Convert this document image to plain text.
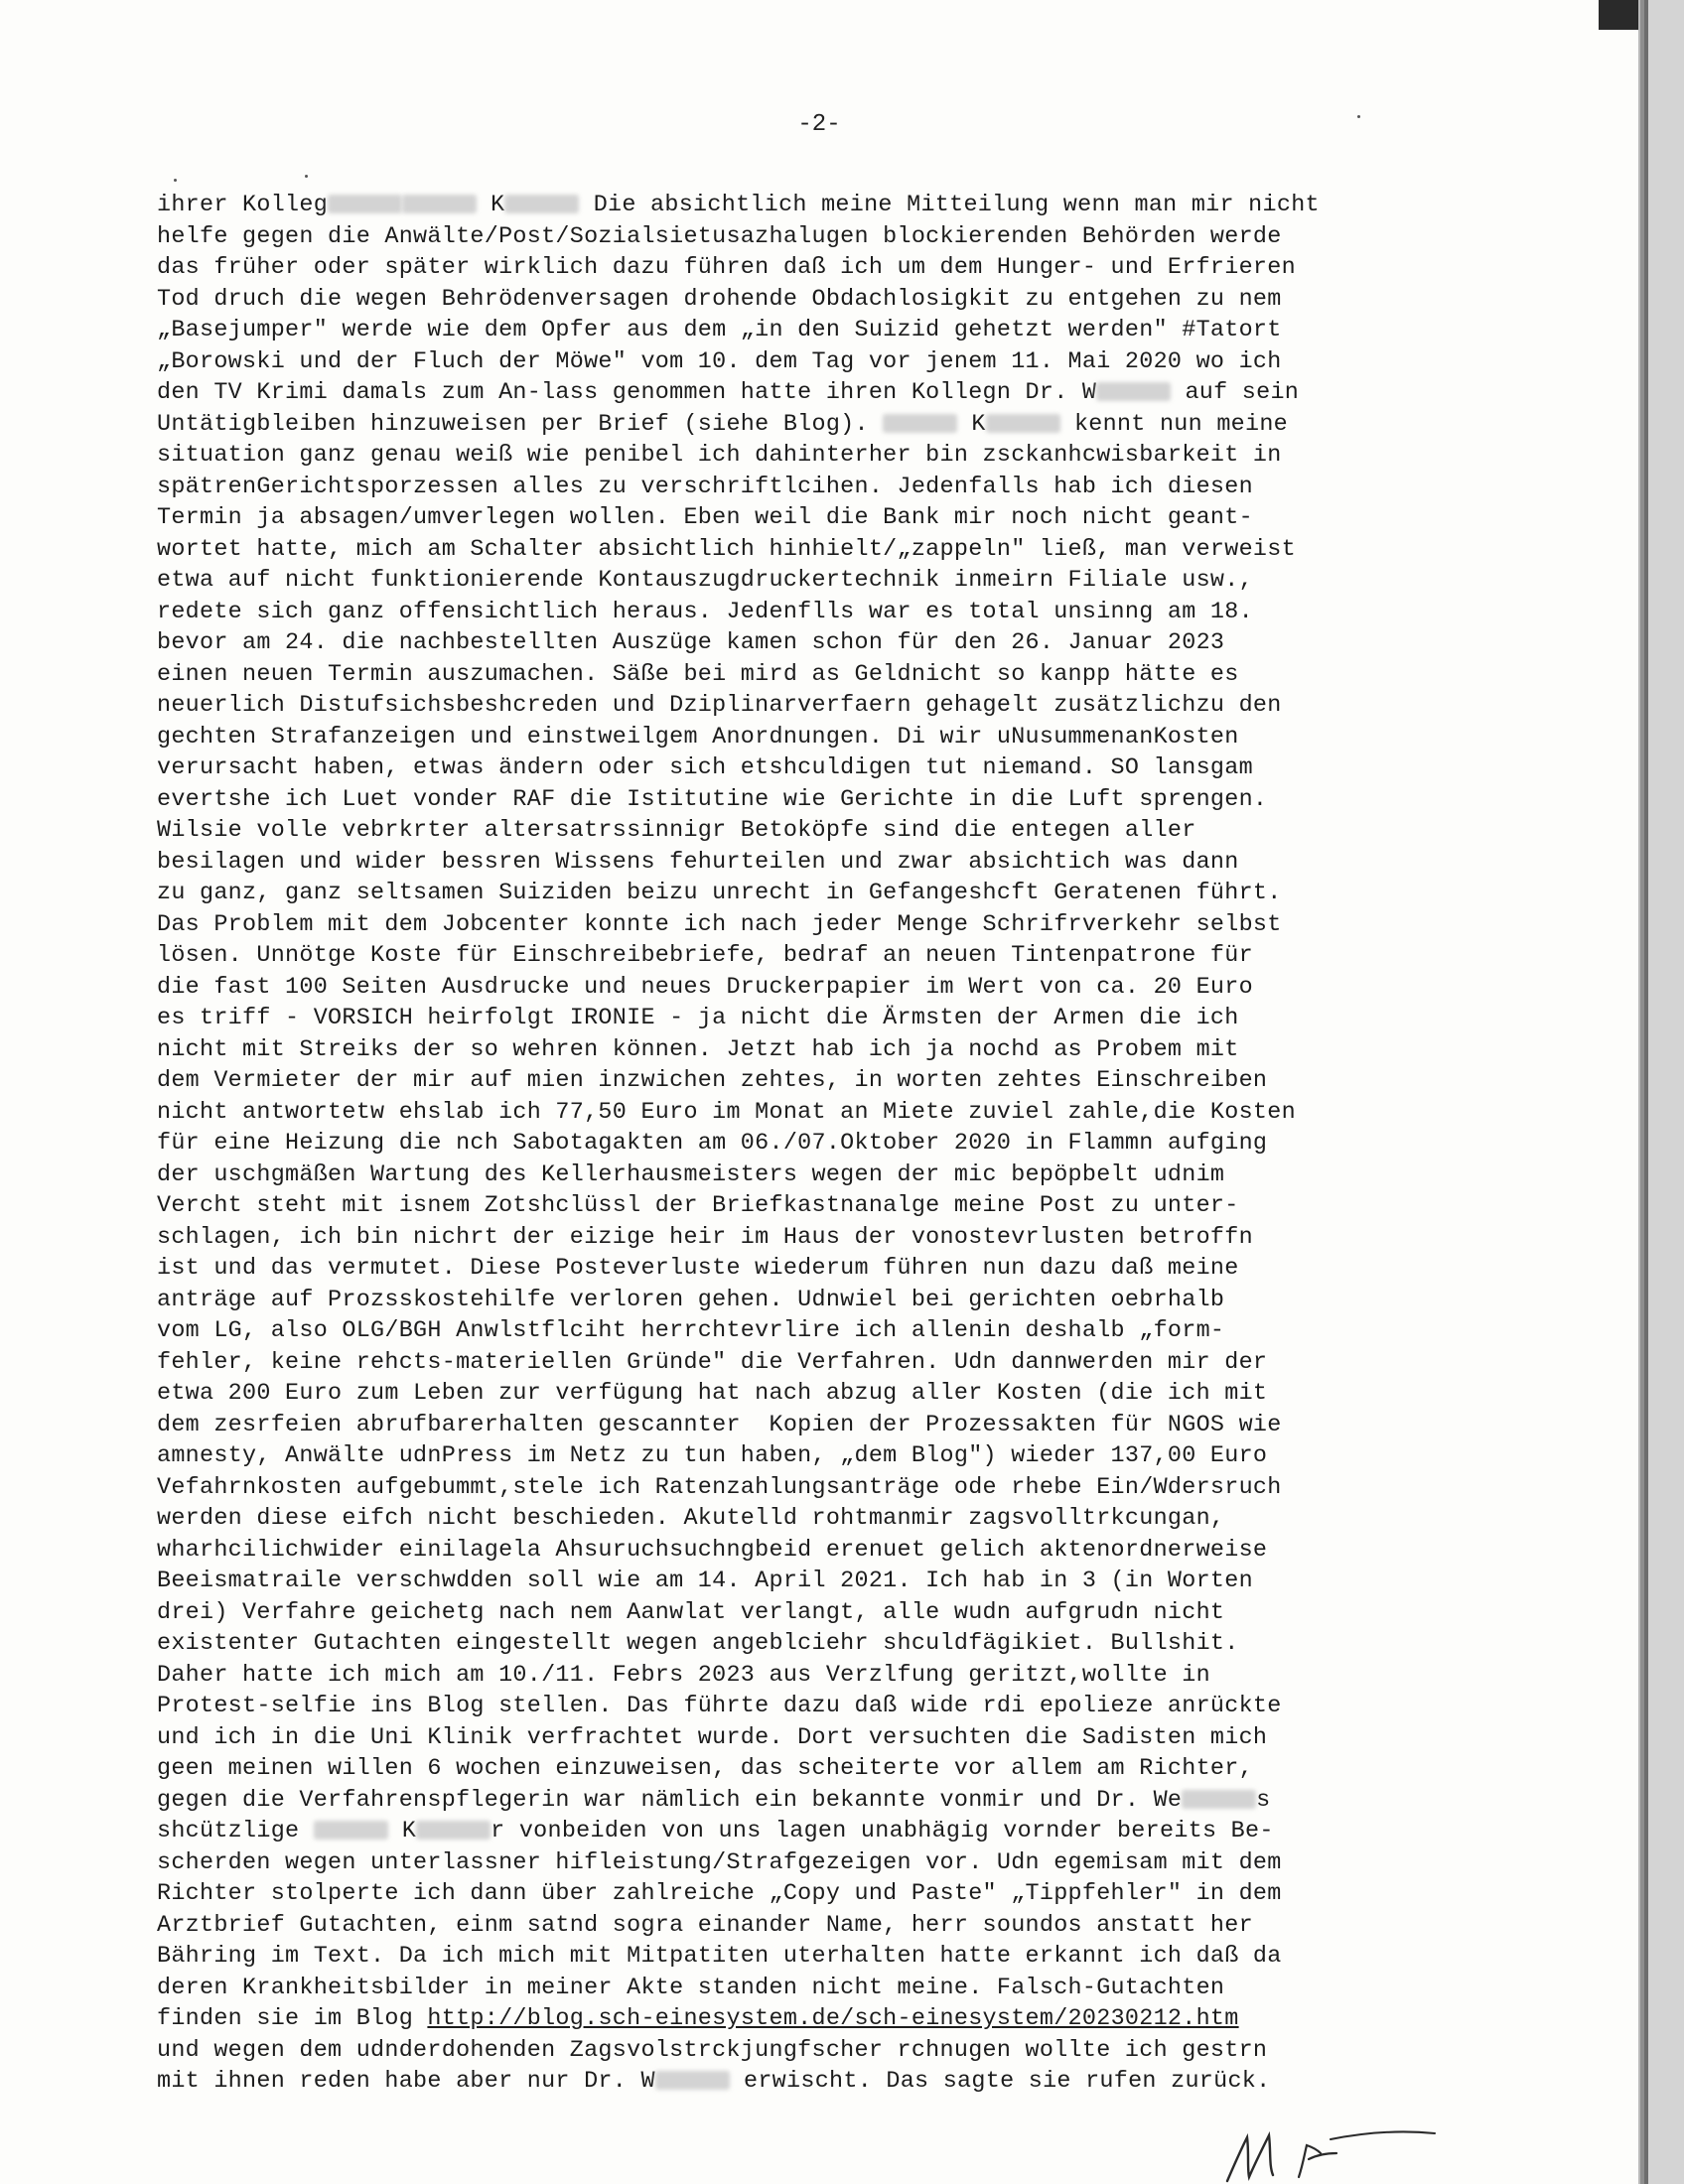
-2-
ihrer Kolleg	K	Die absichtlich meine Mitteilung wenn man mir nicht
helfe gegen die Anwälte/Post/Sozialsietusazhalugen blockierenden Behörden werde
das früher oder später wirklich dazu führen daß ich um dem Hunger- und Erfrieren
Tod druch die wegen Behrödenversagen drohende Obdachlosigkit zu entgehen zu nem
„Basejumper" werde wie dem Opfer aus dem „in den Suizid gehetzt werden" #Tatort
„Borowski und der Fluch der Möwe" vom 10. dem Tag vor jenem 11. Mai 2020 wo ich
den TV Krimi damals zum An-lass genommen hatte ihren Kollegn Dr. W	auf sein
Untätigbleiben hinzuweisen per Brief (siehe Blog).	K	kennt nun meine
situation ganz genau weiß wie penibel ich dahinterher bin zsckanhcwisbarkeit in
spätrenGerichtsporzessen alles zu verschriftlcihen. Jedenfalls hab ich diesen
Termin ja absagen/umverlegen wollen. Eben weil die Bank mir noch nicht geant-
wortet hatte, mich am Schalter absichtlich hinhielt/„zappeln" ließ, man verweist
etwa auf nicht funktionierende Kontauszugdruckertechnik inmeirn Filiale usw.,
redete sich ganz offensichtlich heraus. Jedenflls war es total unsinng am 18.
bevor am 24. die nachbestellten Auszüge kamen schon für den 26. Januar 2023
einen neuen Termin auszumachen. Säße bei mird as Geldnicht so kanpp hätte es
neuerlich Distufsichsbeshcreden und Dziplinarverfaern gehagelt zusätzlichzu den
gechten Strafanzeigen und einstweilgem Anordnungen. Di wir uNusummenanKosten
verursacht haben, etwas ändern oder sich etshculdigen tut niemand. SO lansgam
evertshe ich Luet vonder RAF die Istitutine wie Gerichte in die Luft sprengen.
Wilsie volle vebrkrter altersatrssinnigr Betoköpfe sind die entegen aller
besilagen und wider bessren Wissens fehurteilen und zwar absichtich was dann
zu ganz, ganz seltsamen Suiziden beizu unrecht in Gefangeshcft Geratenen führt.
Das Problem mit dem Jobcenter konnte ich nach jeder Menge Schrifrverkehr selbst
lösen. Unnötge Koste für Einschreibebriefe, bedraf an neuen Tintenpatrone für
die fast 100 Seiten Ausdrucke und neues Druckerpapier im Wert von ca. 20 Euro
es triff - VORSICH heirfolgt IRONIE - ja nicht die Ärmsten der Armen die ich
nicht mit Streiks der so wehren können. Jetzt hab ich ja nochd as Probem mit
dem Vermieter der mir auf mien inzwichen zehtes, in worten zehtes Einschreiben
nicht antwortetw ehslab ich 77,50 Euro im Monat an Miete zuviel zahle,die Kosten
für eine Heizung die nch Sabotagakten am 06./07.Oktober 2020 in Flammn aufging
der uschgmäßen Wartung des Kellerhausmeisters wegen der mic bepöpbelt udnim
Vercht steht mit isnem Zotshclüssl der Briefkastnanalge meine Post zu unter-
schlagen, ich bin nichrt der eizige heir im Haus der vonostevrlusten betroffn
ist und das vermutet. Diese Posteverluste wiederum führen nun dazu daß meine
anträge auf Prozsskostehilfe verloren gehen. Udnwiel bei gerichten oebrhalb
vom LG, also OLG/BGH Anwlstflciht herrchtevrlire ich allenin deshalb „form-
fehler, keine rehcts-materiellen Gründe" die Verfahren. Udn dannwerden mir der
etwa 200 Euro zum Leben zur verfügung hat nach abzug aller Kosten (die ich mit
dem zesrfeien abrufbarerhalten gescannter  Kopien der Prozessakten für NGOS wie
amnesty, Anwälte udnPress im Netz zu tun haben, „dem Blog") wieder 137,00 Euro
Vefahrnkosten aufgebummt,stele ich Ratenzahlungsanträge ode rhebe Ein/Wdersruch
werden diese eifch nicht beschieden. Akutelld rohtmanmir zagsvolltrkcungan,
wharhcilichwider einilagela Ahsuruchsuchngbeid erenuet gelich aktenordnerweise
Beeismatraile verschwdden soll wie am 14. April 2021. Ich hab in 3 (in Worten
drei) Verfahre geichetg nach nem Aanwlat verlangt, alle wudn aufgrudn nicht
existenter Gutachten eingestellt wegen angeblciehr shculdfägikiet. Bullshit.
Daher hatte ich mich am 10./11. Febrs 2023 aus Verzlfung geritzt,wollte in
Protest-selfie ins Blog stellen. Das führte dazu daß wide rdi epolieze anrückte
und ich in die Uni Klinik verfrachtet wurde. Dort versuchten die Sadisten mich
geen meinen willen 6 wochen einzuweisen, das scheiterte vor allem am Richter,
gegen die Verfahrenspflegerin war nämlich ein bekannte vonmir und Dr. We	s
shcützlige	K	r vonbeiden von uns lagen unabhägig vornder bereits Be-
scherden wegen unterlassner hifleistung/Strafgezeigen vor. Udn egemisam mit dem
Richter stolperte ich dann über zahlreiche „Copy und Paste" „Tippfehler" in dem
Arztbrief Gutachten, einm satnd sogra einander Name, herr soundos anstatt her
Bähring im Text. Da ich mich mit Mitpatiten uterhalten hatte erkannt ich daß da
deren Krankheitsbilder in meiner Akte standen nicht meine. Falsch-Gutachten
finden sie im Blog http://blog.sch-einesystem.de/sch-einesystem/20230212.htm
und wegen dem udnderdohenden Zagsvolstrckjungfscher rchnugen wollte ich gestrn
mit ihnen reden habe aber nur Dr. W	erwischt. Das sagte sie rufen zurück.
